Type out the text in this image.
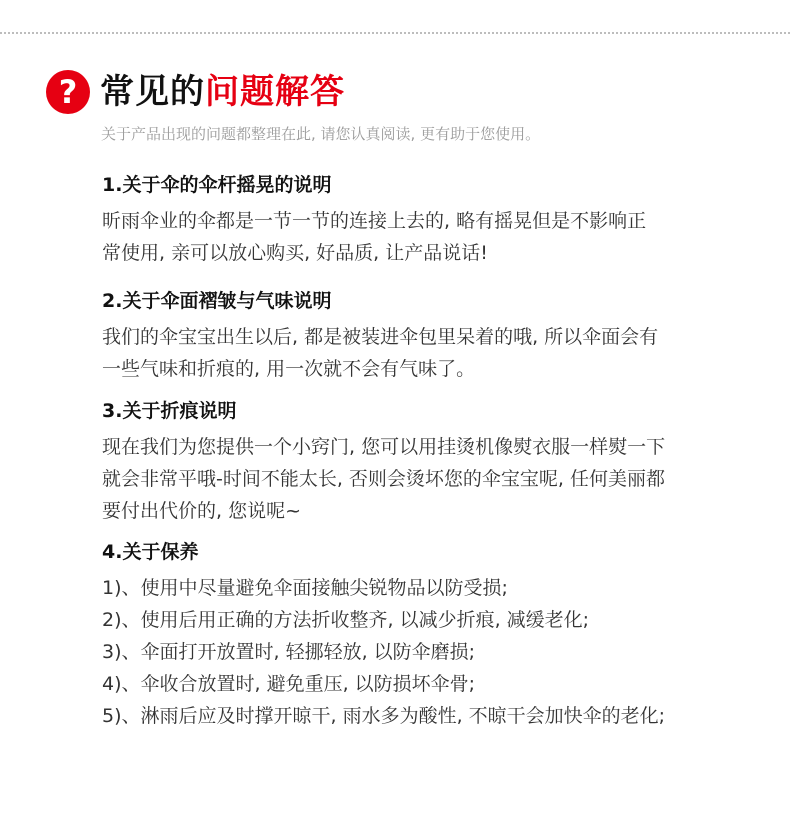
? 常见的问题解答
关于产品出现的问题都整理在此, 请您认真阅读, 更有助于您使用。
1.关于伞的伞杆摇晃的说明
昕雨伞业的伞都是一节一节的连接上去的, 略有摇晃但是不影响正
常使用, 亲可以放心购买, 好品质, 让产品说话!
2.关于伞面褶皱与气味说明
我们的伞宝宝出生以后, 都是被装进伞包里呆着的哦, 所以伞面会有
一些气味和折痕的, 用一次就不会有气味了。
3.关于折痕说明
现在我们为您提供一个小窍门, 您可以用挂烫机像熨衣服一样熨一下
就会非常平哦-时间不能太长, 否则会烫坏您的伞宝宝呢, 任何美丽都
要付出代价的, 您说呢~
4.关于保养
1)、使用中尽量避免伞面接触尖锐物品以防受损;
2)、使用后用正确的方法折收整齐, 以减少折痕, 减缓老化;
3)、伞面打开放置时, 轻挪轻放, 以防伞磨损;
4)、伞收合放置时, 避免重压, 以防损坏伞骨;
5)、淋雨后应及时撑开晾干, 雨水多为酸性, 不晾干会加快伞的老化;
